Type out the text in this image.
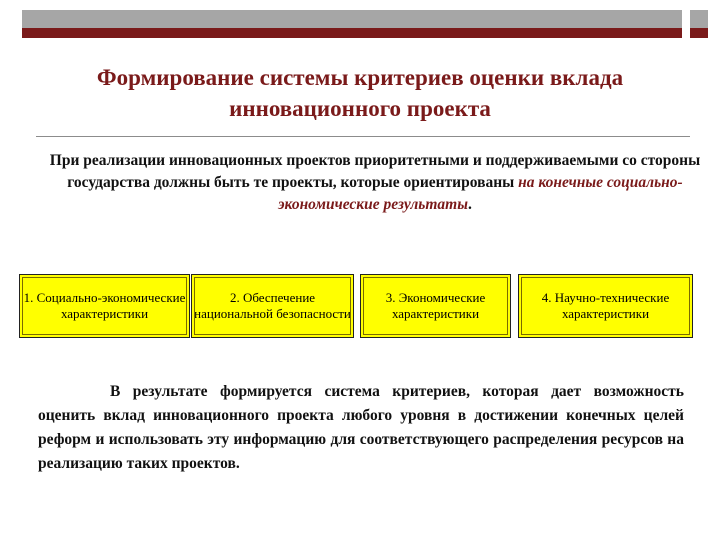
Формирование системы критериев оценки вклада инновационного проекта
При реализации инновационных проектов приоритетными и поддерживаемыми со стороны государства должны быть те проекты, которые ориентированы на конечные социально-экономические результаты.
1. Социально-экономические характеристики
2. Обеспечение национальной безопасности
3. Экономические характеристики
4. Научно-технические характеристики
В результате формируется система критериев, которая дает возможность оценить вклад инновационного проекта любого уровня в достижении конечных целей реформ и использовать эту информацию для соответствующего распределения ресурсов на реализацию таких проектов.
